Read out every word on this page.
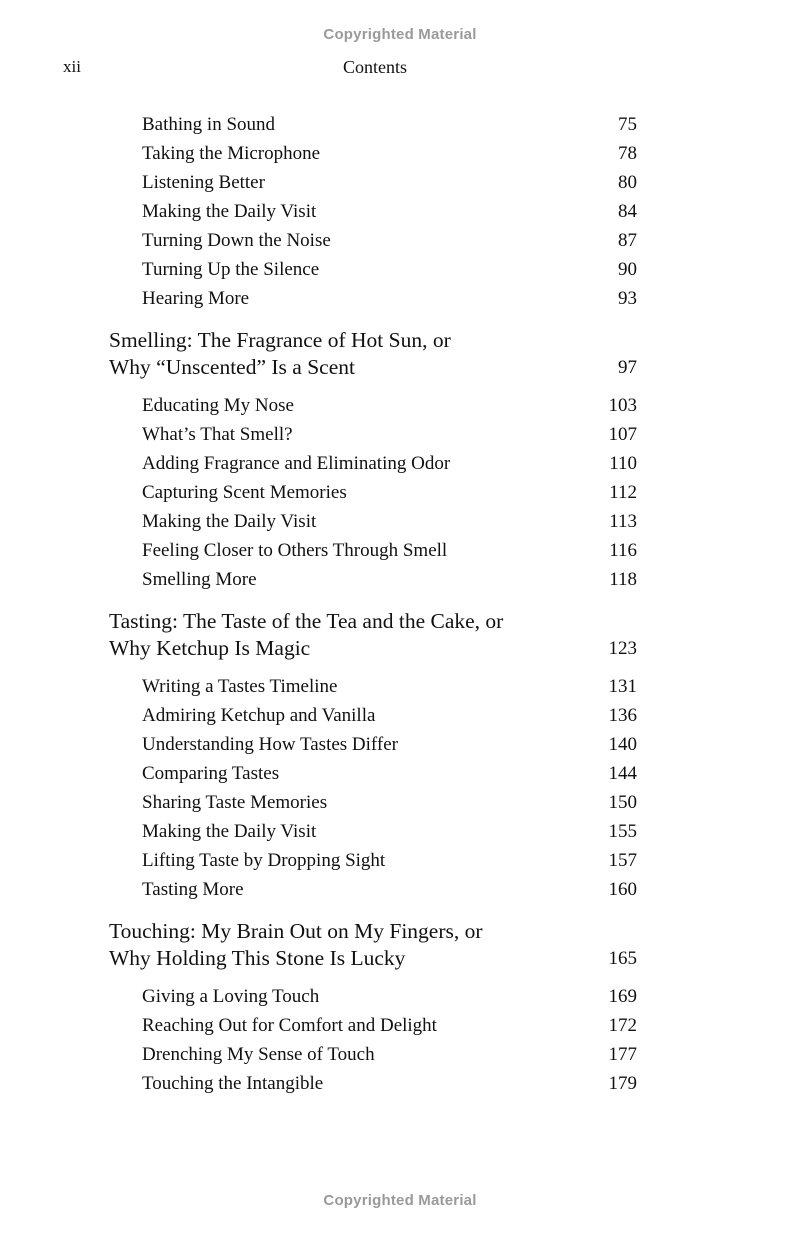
Copyrighted Material
xii	Contents
Bathing in Sound	75
Taking the Microphone	78
Listening Better	80
Making the Daily Visit	84
Turning Down the Noise	87
Turning Up the Silence	90
Hearing More	93
Smelling: The Fragrance of Hot Sun, or
Why “Unscented” Is a Scent	97
Educating My Nose	103
What’s That Smell?	107
Adding Fragrance and Eliminating Odor	110
Capturing Scent Memories	112
Making the Daily Visit	113
Feeling Closer to Others Through Smell	116
Smelling More	118
Tasting: The Taste of the Tea and the Cake, or
Why Ketchup Is Magic	123
Writing a Tastes Timeline	131
Admiring Ketchup and Vanilla	136
Understanding How Tastes Differ	140
Comparing Tastes	144
Sharing Taste Memories	150
Making the Daily Visit	155
Lifting Taste by Dropping Sight	157
Tasting More	160
Touching: My Brain Out on My Fingers, or
Why Holding This Stone Is Lucky	165
Giving a Loving Touch	169
Reaching Out for Comfort and Delight	172
Drenching My Sense of Touch	177
Touching the Intangible	179
Copyrighted Material
